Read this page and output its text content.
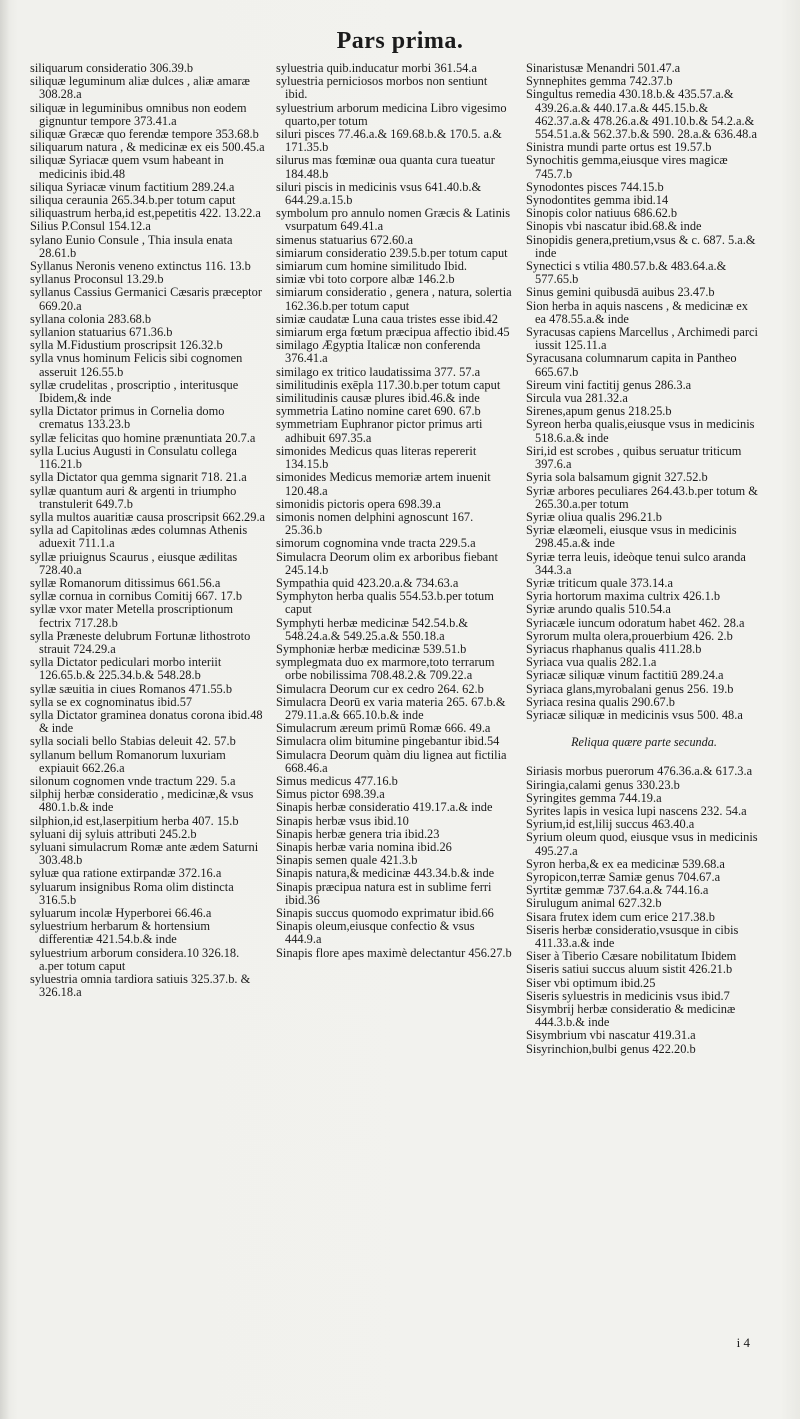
Pars prima.
siliquarum consideratio 306.39.b
siliquæ leguminum aliæ dulces , aliæ amaræ 308.28.a
siliquæ in leguminibus omnibus non eodem gignuntur tempore 373.41.a
siliquæ Græcæ quo ferendæ tempore 353.68.b
siliquarum natura , & medicinæ ex eis 500.45.a
siliquæ Syriacæ quem vsum habeant in medicinis ibid.48
siliqua Syriacæ vinum factitium 289.24.a
siliqua ceraunia 265.34.b.per totum caput
siliquastrum herba,id est,pepetitis 422. 13.22.a
Silius P.Consul 154.12.a
sylano Eunio Consule , Thia insula enata 28.61.b
Syllanus Neronis veneno extinctus 116. 13.b
syllanus Proconsul 13.29.b
syllanus Cassius Germanici Cæsaris præceptor 669.20.a
syllana colonia 283.68.b
syllanion statuarius 671.36.b
sylla M.Fidustium proscripsit 126.32.b
sylla vnus hominum Felicis sibi cognomen asseruit 126.55.b
syllæ crudelitas , proscriptio , interitusque Ibidem,& inde
sylla Dictator primus in Cornelia domo crematus 133.23.b
syllæ felicitas quo homine prænuntiata 20.7.a
sylla Lucius Augusti in Consulatu collega 116.21.b
sylla Dictator qua gemma signarit 718. 21.a
syllæ quantum auri & argenti in triumpho transtulerit 649.7.b
sylla multos auaritiæ causa proscripsit 662.29.a
sylla ad Capitolinas ædes columnas Athenis aduexit 711.1.a
syllæ priuignus Scaurus , eiusque ædilitas 728.40.a
syllæ Romanorum ditissimus 661.56.a
syllæ cornua in cornibus Comitij 667. 17.b
syllæ vxor mater Metella proscriptionum fectrix 717.28.b
sylla Præneste delubrum Fortunæ lithostroto strauit 724.29.a
sylla Dictator pediculari morbo interiit 126.65.b.& 225.34.b.& 548.28.b
syllæ sæuitia in ciues Romanos 471.55.b
sylla se ex cognominatus ibid.57
sylla Dictator gramineа donatus corona ibid.48 & inde
sylla sociali bello Stabias deleuit 42. 57.b
syllanum bellum Romanorum luxuriam expiauit 662.26.a
silonum cognomen vnde tractum 229. 5.a
silphij herbæ consideratio , medicinæ,& vsus 480.1.b.& inde
silphion,id est,laserpitium herba 407. 15.b
syluani dij syluis attributi 245.2.b
syluani simulacrum Romæ ante ædem Saturni 303.48.b
syluæ qua ratione extirpandæ 372.16.a
syluarum insignibus Roma olim distincta 316.5.b
syluarum incolæ Hyperborei 66.46.a
syluestrium herbarum & hortensium differentiæ 421.54.b.& inde
syluestrium arborum considera.10 326.18. a.per totum caput
syluestria omnia tardiora satiuis 325.37.b. & 326.18.a
syluestria quib.inducatur morbi 361.54.a
syluestria perniciosos morbos non sentiunt ibid.
syluestrium arborum medicina Libro vigesimo quarto,per totum
siluri pisces 77.46.a.& 169.68.b.& 170.5. a.& 171.35.b
silurus mas fœminæ oua quanta cura tueatur 184.48.b
siluri piscis in medicinis vsus 641.40.b.& 644.29.a.15.b
symbolum pro annulo nomen Græcis & Latinis vsurpatum 649.41.a
simenus statuarius 672.60.a
simiarum consideratio 239.5.b.per totum caput
simiarum cum homine similitudo Ibid.
simiæ vbi toto corpore albæ 146.2.b
simiarum consideratio , genera , natura, solertia 162.36.b.per totum caput
simiæ caudatæ Luna caua tristes esse ibid.42
simiarum erga fœtum præcipua affectio ibid.45
similago Ægyptia Italicæ non conferenda 376.41.a
similago ex tritico laudatissima 377. 57.a
similitudinis exēpla 117.30.b.per totum caput
similitudinis causæ plures ibid.46.& inde
symmetria Latino nomine caret 690. 67.b
symmetriam Euphranor pictor primus arti adhibuit 697.35.a
simonides Medicus quas literas repererit 134.15.b
simonides Medicus memoriæ artem inuenit 120.48.a
simonidis pictoris opera 698.39.a
simonis nomen delphini agnoscunt 167. 25.36.b
simorum cognomina vnde tracta 229.5.a
Simulacra Deorum olim ex arboribus fiebant 245.14.b
Sympathia quid 423.20.a.& 734.63.a
Symphyton herba qualis 554.53.b.per totum caput
Symphyti herbæ medicinæ 542.54.b.& 548.24.a.& 549.25.a.& 550.18.a
Symphoniæ herbæ medicinæ 539.51.b
symplegmata duo ex marmore,toto terrarum orbe nobilissima 708.48.2.& 709.22.a
Simulacra Deorum cur ex cedro 264. 62.b
Simulacra Deorū ex varia materia 265. 67.b.& 279.11.a.& 665.10.b.& inde
Simulacrum æreum primū Romæ 666. 49.a
Simulacra olim bitumine pingebantur ibid.54
Simulacra Deorum quàm diu lignea aut fictilia 668.46.a
Simus medicus 477.16.b
Simus pictor 698.39.a
Sinapis herbæ consideratio 419.17.a.& inde
Sinapis herbæ vsus ibid.10
Sinapis herbæ genera tria ibid.23
Sinapis herbæ varia nomina ibid.26
Sinapis semen quale 421.3.b
Sinapis natura,& medicinæ 443.34.b.& inde
Sinapis præcipua natura est in sublime ferri ibid.36
Sinapis succus quomodo exprimatur ibid.66
Sinapis oleum,eiusque confectio & vsus 444.9.a
Sinapis flore apes maximè delectantur 456.27.b
Sinaristusæ Menandri 501.47.a
Synnephites gemma 742.37.b
Singultus remedia 430.18.b.& 435.57.a.& 439.26.a.& 440.17.a.& 445.15.b.& 462.37.a.& 478.26.a.& 491.10.b.& 54.2.a.& 554.51.a.& 562.37.b.& 590. 28.a.& 636.48.a
Sinistra mundi parte ortus est 19.57.b
Synochitis gemma,eiusque vires magicæ 745.7.b
Synodontes pisces 744.15.b
Synodontites gemma ibid.14
Sinopis color natiuus 686.62.b
Sinopis vbi nascatur ibid.68.& inde
Sinopidis genera,pretium,vsus & c. 687. 5.a.& inde
Synectici s vtilia 480.57.b.& 483.64.a.& 577.65.b
Sinus gemini quibusdā auibus 23.47.b
Sion herba in aquis nascens , & medicinæ ex ea 478.55.a.& inde
Syracusas capiens Marcellus , Archimedi parci iussit 125.11.a
Syracusana columnarum capita in Pantheo 665.67.b
Sireum vini factitij genus 286.3.a
Sircula vua 281.32.a
Sirenes,apum genus 218.25.b
Syreon herba qualis,eiusque vsus in medicinis 518.6.a.& inde
Siri,id est scrobes , quibus seruatur triticum 397.6.a
Syria sola balsamum gignit 327.52.b
Syriæ arbores peculiares 264.43.b.per totum & 265.30.a.per totum
Syriæ oliua qualis 296.21.b
Syriæ elæomeli, eiusque vsus in medicinis 298.45.a.& inde
Syriæ terra leuis, ideòque tenui sulco aranda 344.3.a
Syriæ triticum quale 373.14.a
Syria hortorum maxima cultrix 426.1.b
Syriæ arundo qualis 510.54.a
Syriacæle iuncum odoratum habet 462. 28.a
Syrorum multa olera,prouerbium 426. 2.b
Syriacus rhaphanus qualis 411.28.b
Syriaca vua qualis 282.1.a
Syriacæ siliquæ vinum factitiū 289.24.a
Syriaca glans,myrobalani genus 256. 19.b
Syriaca resina qualis 290.67.b
Syriacæ siliquæ in medicinis vsus 500. 48.a
Reliqua quære parte secunda.
Siriasis morbus puerorum 476.36.a.& 617.3.a
Siringia,calami genus 330.23.b
Syringites gemma 744.19.a
Syrites lapis in vesica lupi nascens 232. 54.a
Syrium,id est,lilij succus 463.40.a
Syrium oleum quod, eiusque vsus in medicinis 495.27.a
Syron herba,& ex ea medicinæ 539.68.a
Syropicon,terræ Samiæ genus 704.67.a
Syrtitæ gemmæ 737.64.a.& 744.16.a
Sirulugum animal 627.32.b
Sisara frutex idem cum erice 217.38.b
Siseris herbæ consideratio,vsusque in cibis 411.33.a.& inde
Siser à Tiberio Cæsare nobilitatum Ibidem
Siseris satiui succus aluum sistit 426.21.b
Siser vbi optimum ibid.25
Siseris syluestris in medicinis vsus ibid.7
Sisymbrij herbæ consideratio & medicinæ 444.3.b.& inde
Sisymbrium vbi nascatur 419.31.a
Sisyrinchion,bulbi genus 422.20.b
i 4
